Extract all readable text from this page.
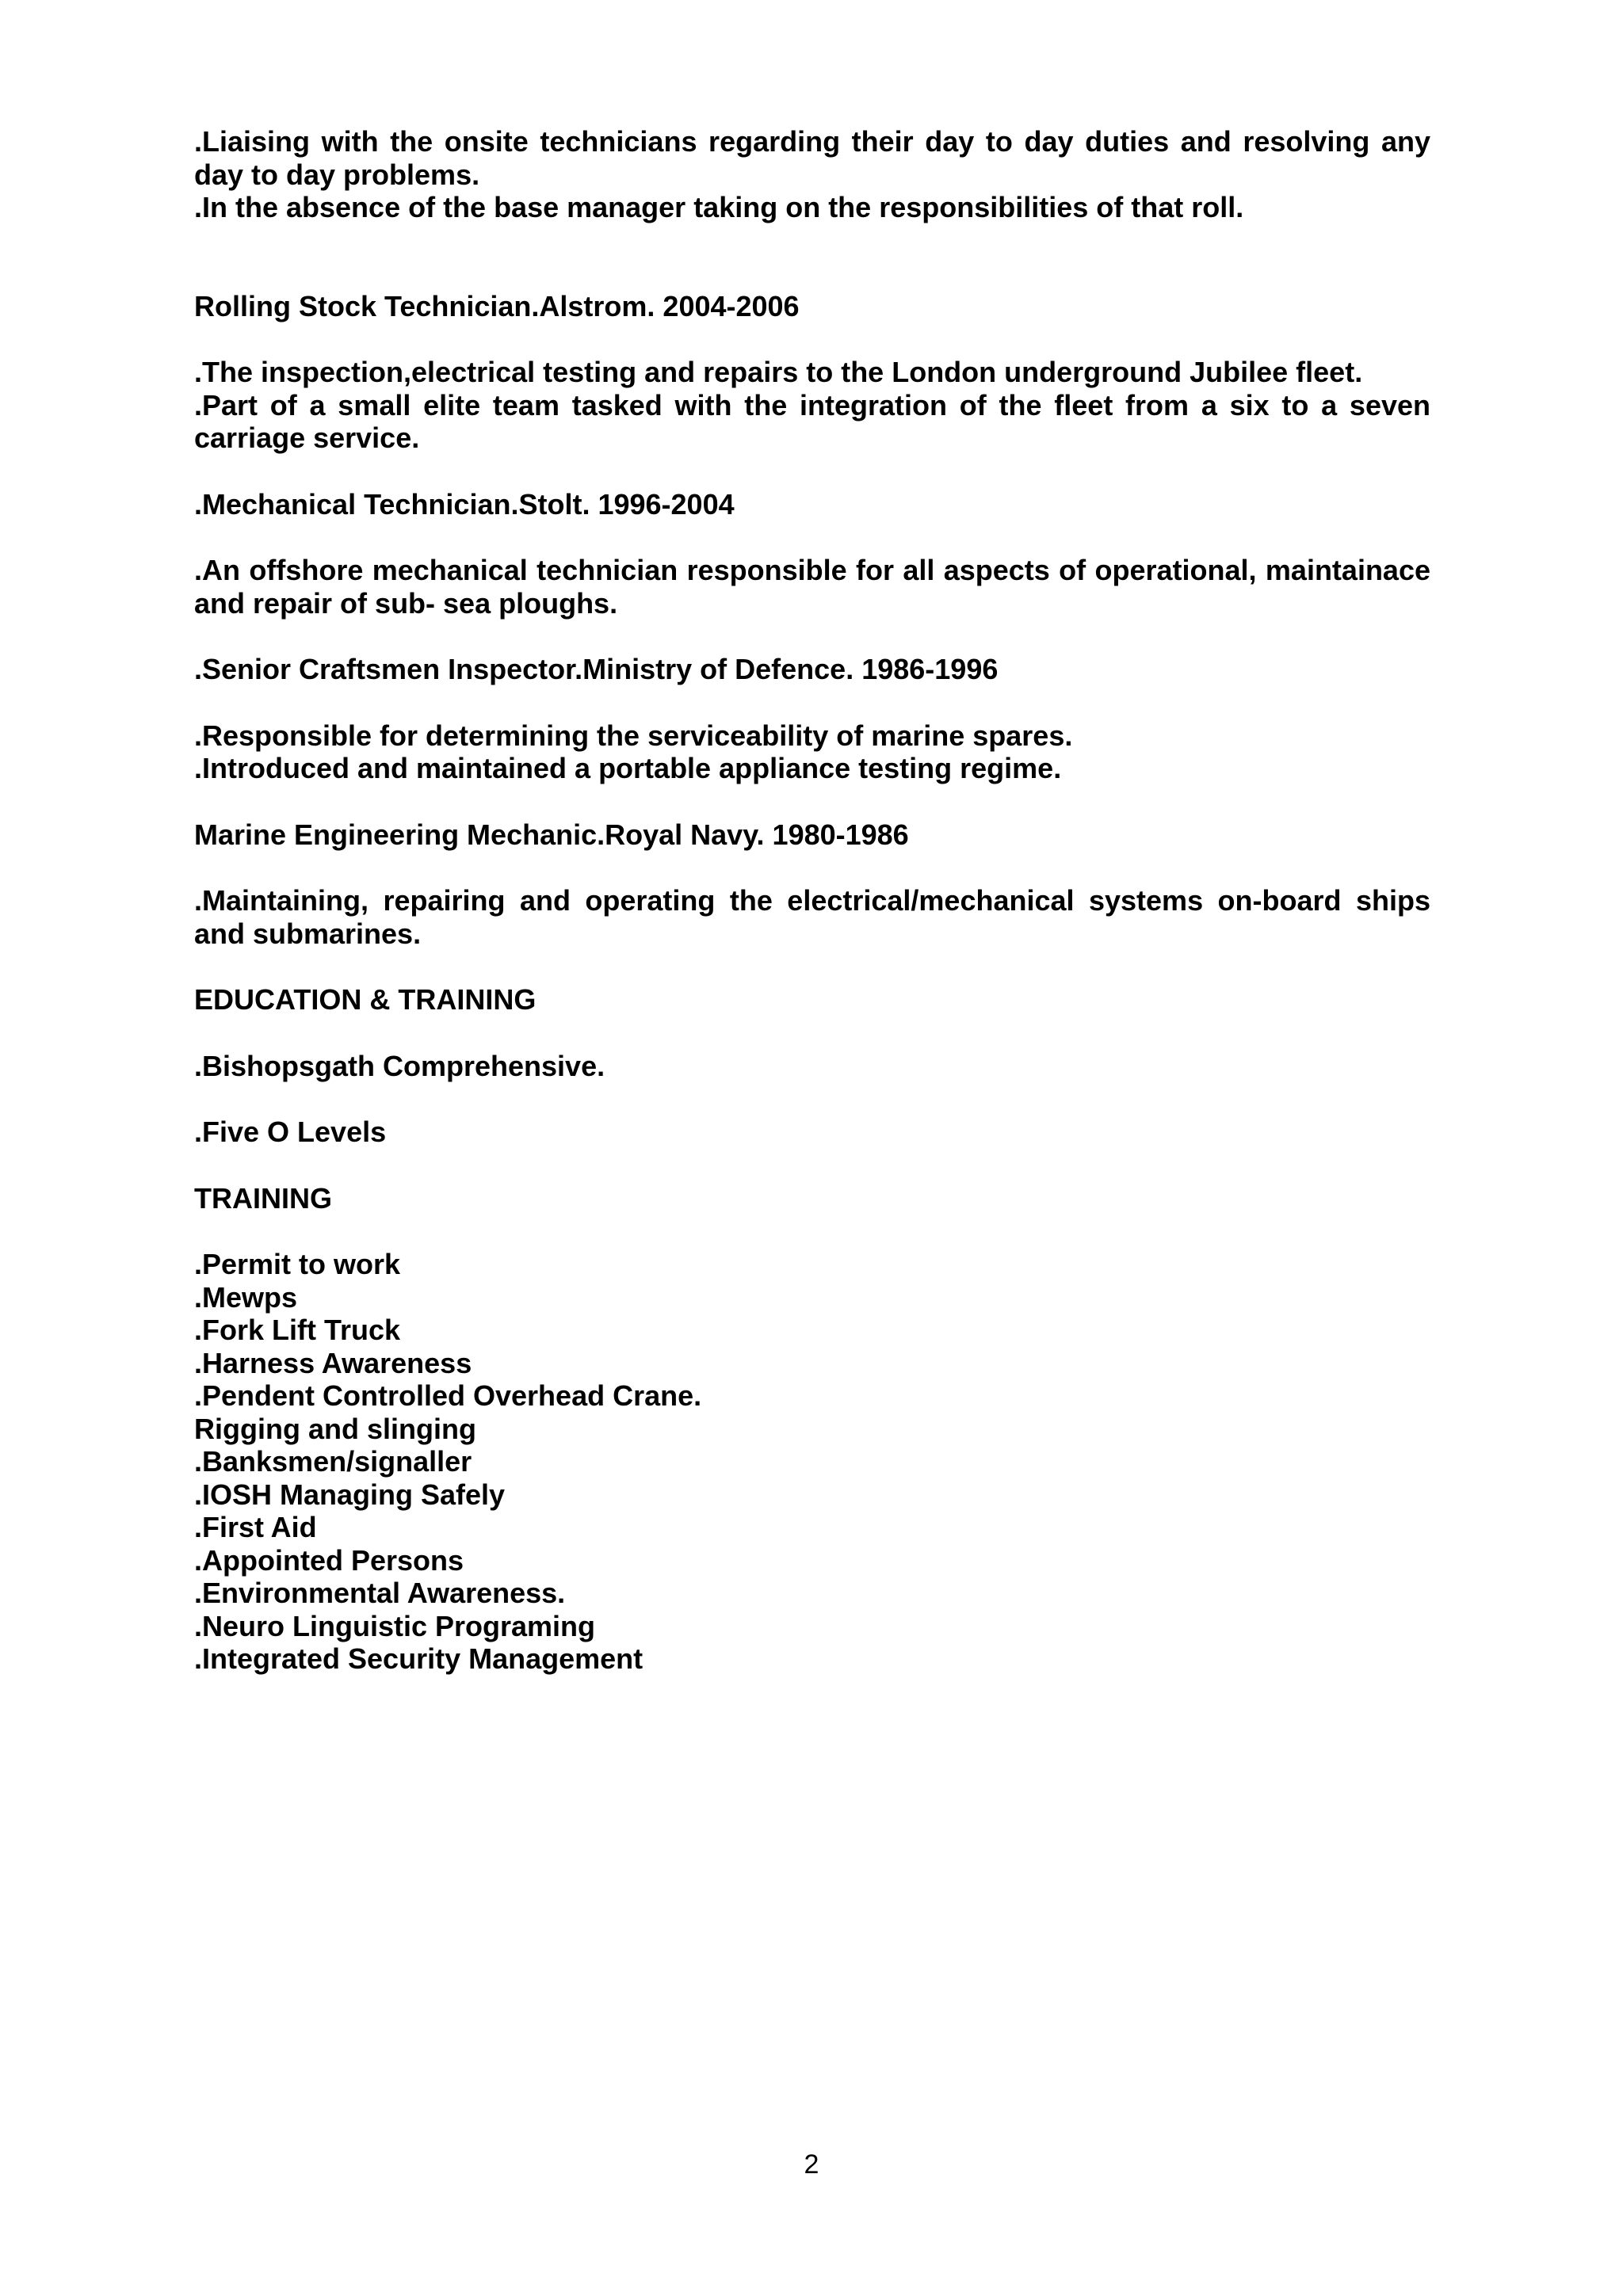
.Liaising with the onsite technicians regarding their day to day duties and resolving any day to day problems.

.In the absence of the base manager taking on the responsibilities of that roll.

Rolling Stock Technician.Alstrom. 2004-2006

.The inspection,electrical testing and repairs to the London underground Jubilee fleet.

.Part of a small elite team tasked with the integration of the fleet from a six to a seven carriage service.

.Mechanical Technician.Stolt. 1996-2004

.An offshore mechanical technician responsible for all aspects of operational, maintainace and repair of sub- sea ploughs.

.Senior Craftsmen Inspector.Ministry of Defence. 1986-1996

.Responsible for determining the serviceability of marine spares.

.Introduced and maintained a portable appliance testing regime.

Marine Engineering Mechanic.Royal Navy. 1980-1986

.Maintaining, repairing and operating the electrical/mechanical systems on-board ships and submarines.

EDUCATION & TRAINING

.Bishopsgath Comprehensive.

.Five O Levels

TRAINING

.Permit to work

.Mewps

.Fork Lift Truck

.Harness Awareness

.Pendent Controlled Overhead Crane.

Rigging and slinging

.Banksmen/signaller

.IOSH Managing Safely

.First Aid

.Appointed Persons

.Environmental Awareness.

.Neuro Linguistic Programing

.Integrated Security Management

2
